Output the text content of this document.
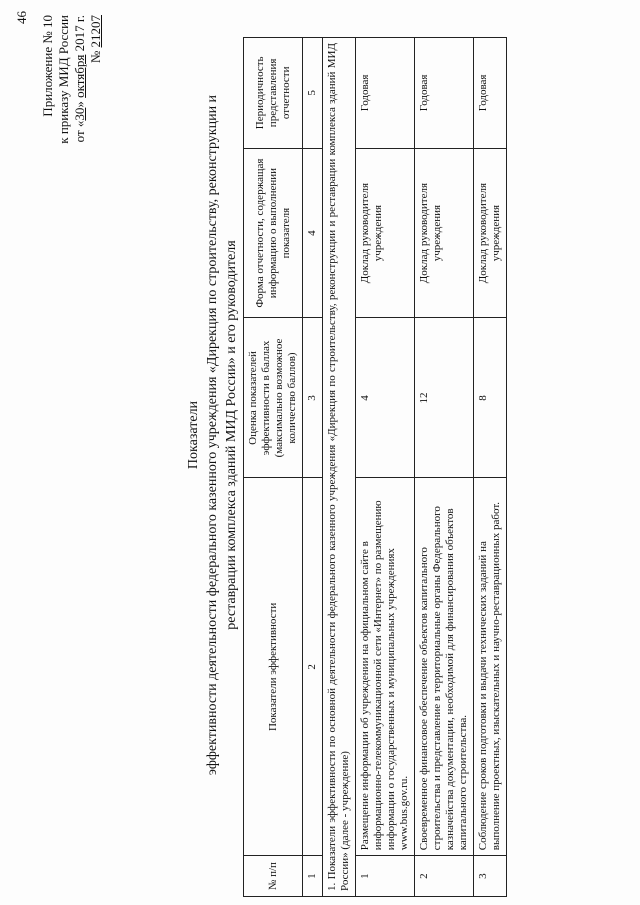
46 Приложение № 10 к приказу МИД России от «30» октября 2017 г.
№ 21207
Показатели эффективности деятельности федерального казенного учреждения «Дирекция по строительству, реконструкции и реставрации комплекса зданий МИД России» и его руководителя
№ п/п	Показатели эффективности	Оценка показателей эффективности в баллах (максимально возможное количество баллов)	Форма отчетности, содержащая информацию о выполнении показателя	Периодичность представления отчетности
1	2	3	4	5
1. Показатели эффективности по основной деятельности федерального казенного учреждения «Дирекция по строительству, реконструкции и реставрации комплекса зданий МИД России» (далее - учреждение)				
1	Размещение информации об учреждении на официальном сайте в информационно-телекоммуникационной сети «Интернет» по размещению информации о государственных и муниципальных учреждениях www.bus.gov.ru.	4	Доклад руководителя учреждения	Годовая
2	Своевременное финансовое обеспечение объектов капитального строительства и представление в территориальные органы Федерального казначейства документации, необходимой для финансирования объектов капитального строительства.	12	Доклад руководителя учреждения	Годовая
3	Соблюдение сроков подготовки и выдачи технических заданий на выполнение проектных, изыскательных и научно-реставрационных работ.	8	Доклад руководителя учреждения	Годовая
